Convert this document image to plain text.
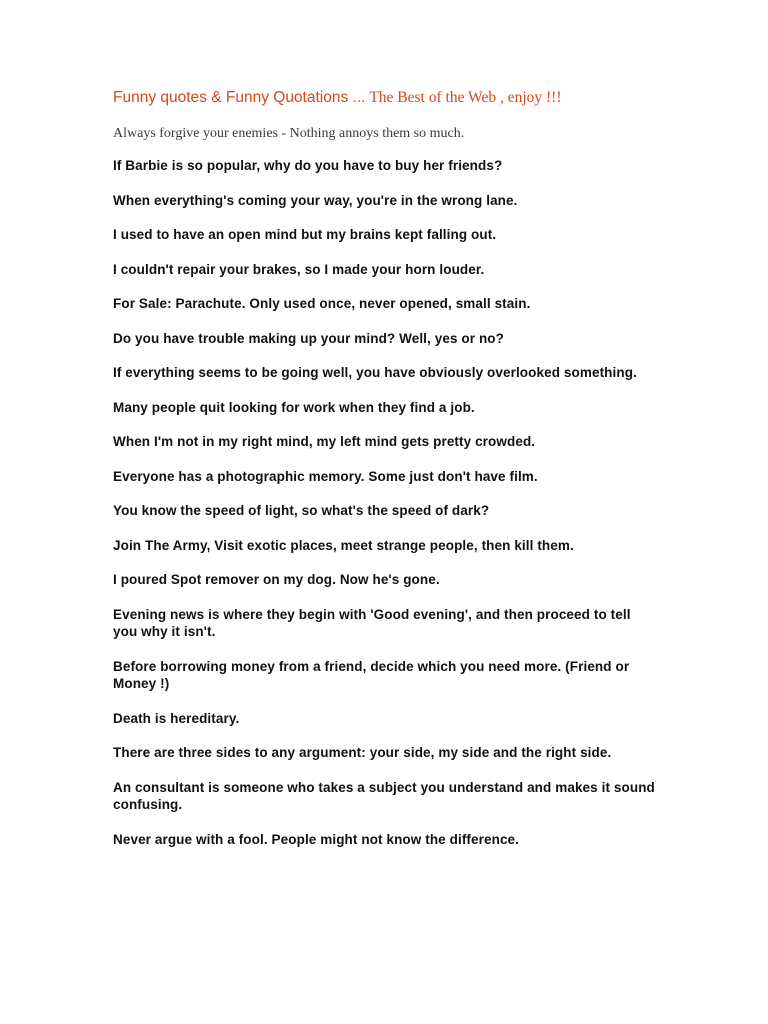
Funny quotes & Funny Quotations ... The Best of the Web , enjoy !!!

Always forgive your enemies - Nothing annoys them so much.

If Barbie is so popular, why do you have to buy her friends?
When everything's coming your way, you're in the wrong lane.
I used to have an open mind but my brains kept falling out.
I couldn't repair your brakes, so I made your horn louder.
For Sale: Parachute. Only used once, never opened, small stain.
Do you have trouble making up your mind? Well, yes or no?
If everything seems to be going well, you have obviously overlooked something.
Many people quit looking for work when they find a job.
When I'm not in my right mind, my left mind gets pretty crowded.
Everyone has a photographic memory. Some just don't have film.
You know the speed of light, so what's the speed of dark?
Join The Army, Visit exotic places, meet strange people, then kill them.
I poured Spot remover on my dog. Now he's gone.
Evening news is where they begin with 'Good evening', and then proceed to tell you why it isn't.
Before borrowing money from a friend, decide which you need more. (Friend or Money !)
Death is hereditary.
There are three sides to any argument: your side, my side and the right side.
An consultant is someone who takes a subject you understand and makes it sound confusing.
Never argue with a fool. People might not know the difference.
